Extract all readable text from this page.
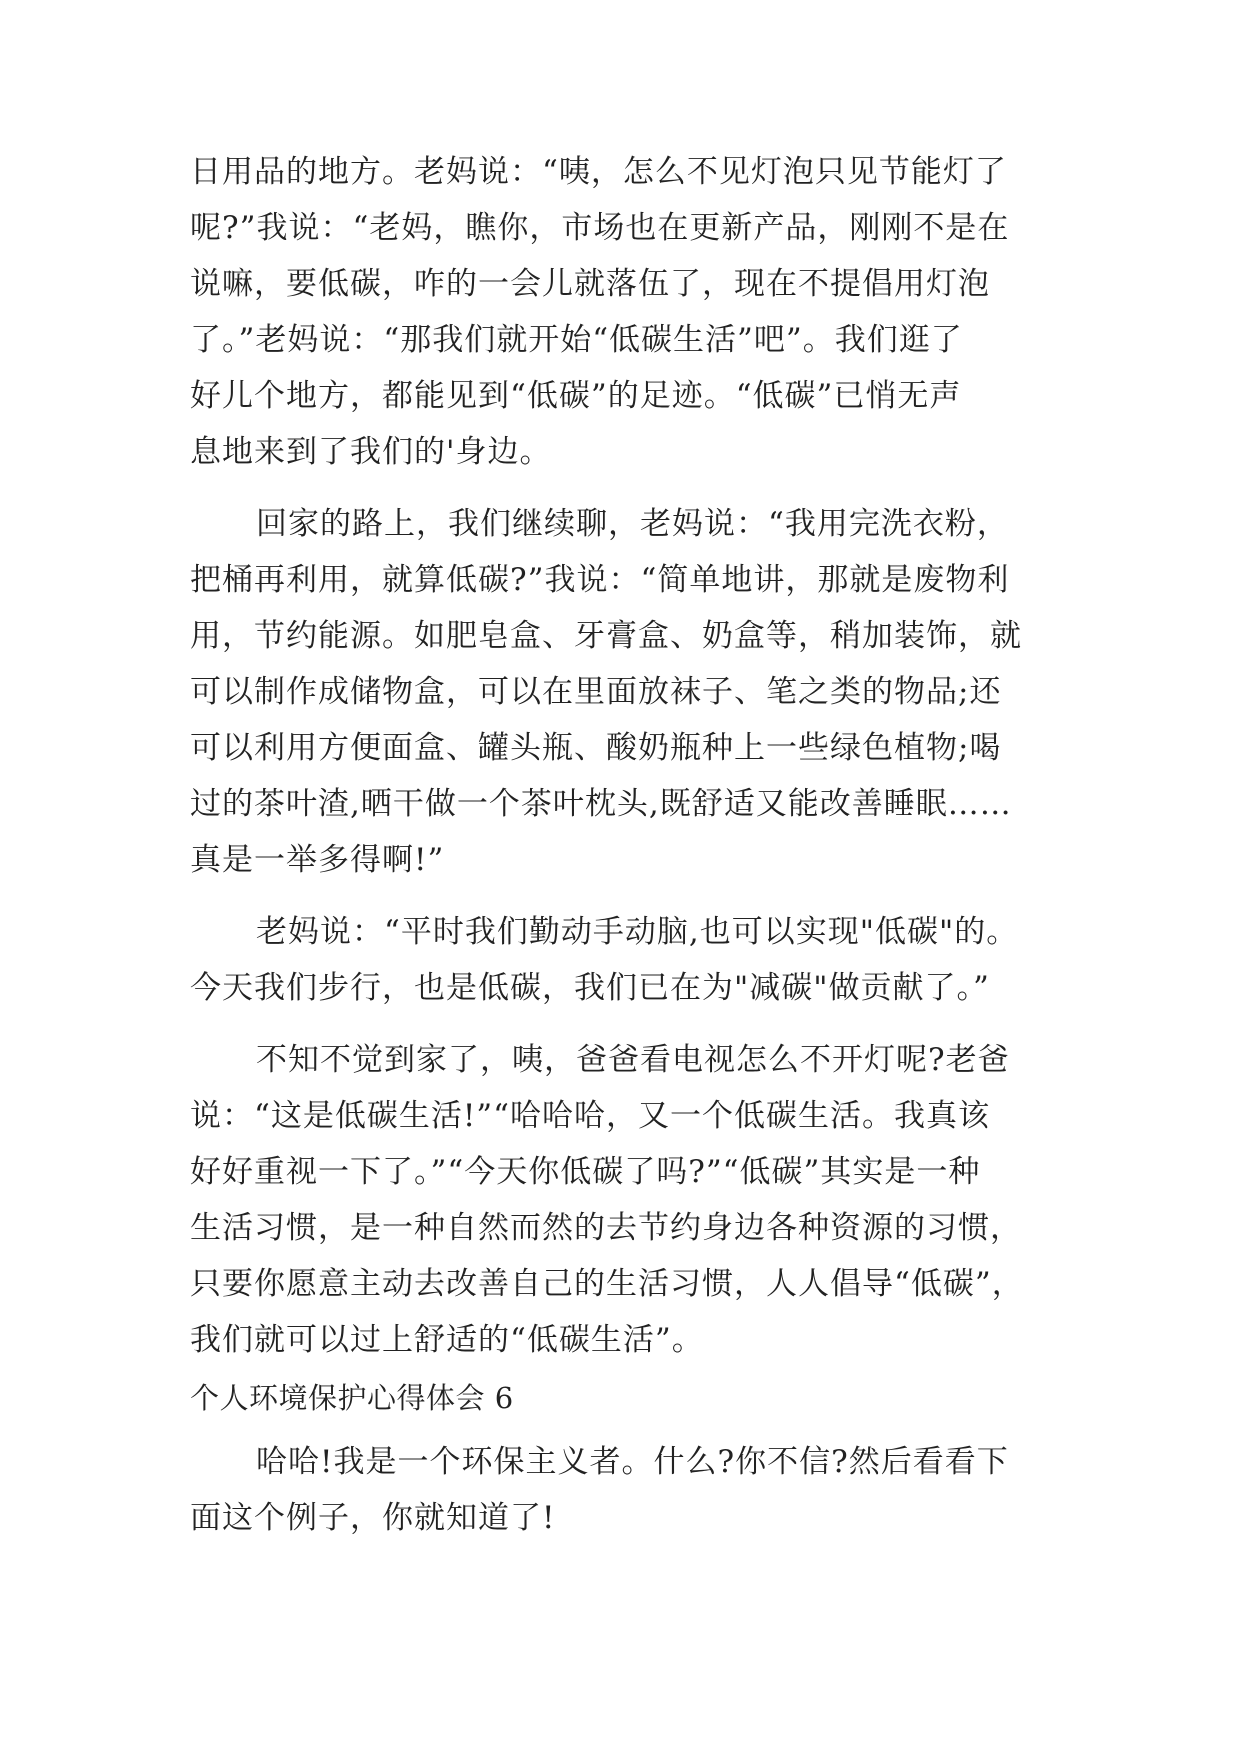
日用品的地方。老妈说：“咦，怎么不见灯泡只见节能灯了
呢?”我说：“老妈，瞧你，市场也在更新产品，刚刚不是在
说嘛，要低碳，咋的一会儿就落伍了，现在不提倡用灯泡
了。”老妈说：“那我们就开始“低碳生活”吧”。我们逛了
好儿个地方，都能见到“低碳”的足迹。“低碳”已悄无声
息地来到了我们的'身边。
回家的路上，我们继续聊，老妈说：“我用完洗衣粉，
把桶再利用，就算低碳?”我说：“简单地讲，那就是废物利
用，节约能源。如肥皂盒、牙膏盒、奶盒等，稍加装饰，就
可以制作成储物盒，可以在里面放袜子、笔之类的物品;还
可以利用方便面盒、罐头瓶、酸奶瓶种上一些绿色植物;喝
过的茶叶渣,晒干做一个茶叶枕头,既舒适又能改善睡眠……
真是一举多得啊!”
老妈说：“平时我们勤动手动脑,也可以实现"低碳"的。
今天我们步行，也是低碳，我们已在为"减碳"做贡献了。”
不知不觉到家了，咦，爸爸看电视怎么不开灯呢?老爸
说：“这是低碳生活!”“哈哈哈，又一个低碳生活。我真该
好好重视一下了。”“今天你低碳了吗?”“低碳”其实是一种
生活习惯，是一种自然而然的去节约身边各种资源的习惯，
只要你愿意主动去改善自己的生活习惯，人人倡导“低碳”，
我们就可以过上舒适的“低碳生活”。
个人环境保护心得体会 6
哈哈!我是一个环保主义者。什么?你不信?然后看看下
面这个例子，你就知道了!
